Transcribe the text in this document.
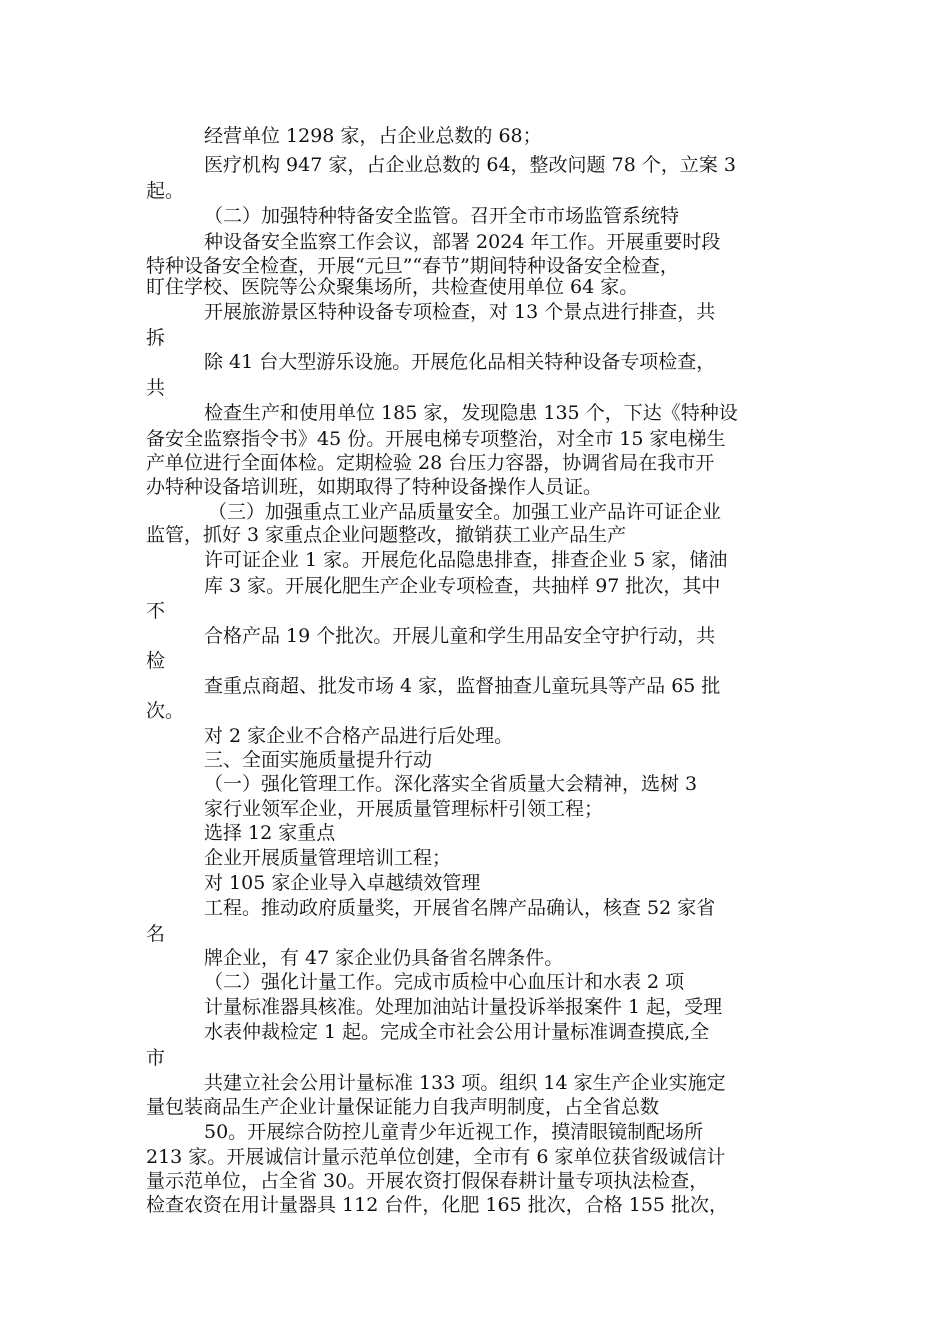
经营单位 1298 家，占企业总数的 68；
医疗机构 947 家，占企业总数的 64，整改问题 78 个，立案 3
起。
（二）加强特种特备安全监管。召开全市市场监管系统特
种设备安全监察工作会议，部署 2024 年工作。开展重要时段
特种设备安全检查，开展“元旦”“春节”期间特种设备安全检查，
盯住学校、医院等公众聚集场所，共检查使用单位 64 家。
开展旅游景区特种设备专项检查，对 13 个景点进行排查，共
拆
除 41 台大型游乐设施。开展危化品相关特种设备专项检查，
共
检查生产和使用单位 185 家，发现隐患 135 个，下达《特种设
备安全监察指令书》45 份。开展电梯专项整治，对全市 15 家电梯生
产单位进行全面体检。定期检验 28 台压力容器，协调省局在我市开
办特种设备培训班，如期取得了特种设备操作人员证。
（三）加强重点工业产品质量安全。加强工业产品许可证企业
监管，抓好 3 家重点企业问题整改，撤销获工业产品生产
许可证企业 1 家。开展危化品隐患排查，排查企业 5 家，储油
库 3 家。开展化肥生产企业专项检查，共抽样 97 批次，其中
不
合格产品 19 个批次。开展儿童和学生用品安全守护行动，共
检
查重点商超、批发市场 4 家，监督抽查儿童玩具等产品 65 批
次。
对 2 家企业不合格产品进行后处理。
三、全面实施质量提升行动
（一）强化管理工作。深化落实全省质量大会精神，选树 3
家行业领军企业，开展质量管理标杆引领工程；
选择 12 家重点
企业开展质量管理培训工程；
对 105 家企业导入卓越绩效管理
工程。推动政府质量奖，开展省名牌产品确认，核查 52 家省
名
牌企业，有 47 家企业仍具备省名牌条件。
（二）强化计量工作。完成市质检中心血压计和水表 2 项
计量标准器具核准。处理加油站计量投诉举报案件 1 起，受理
水表仲裁检定 1 起。完成全市社会公用计量标准调查摸底,全
市
共建立社会公用计量标准 133 项。组织 14 家生产企业实施定
量包装商品生产企业计量保证能力自我声明制度，占全省总数
50。开展综合防控儿童青少年近视工作，摸清眼镜制配场所
213 家。开展诚信计量示范单位创建，全市有 6 家单位获省级诚信计
量示范单位，占全省 30。开展农资打假保春耕计量专项执法检查，
检查农资在用计量器具 112 台件，化肥 165 批次，合格 155 批次，
